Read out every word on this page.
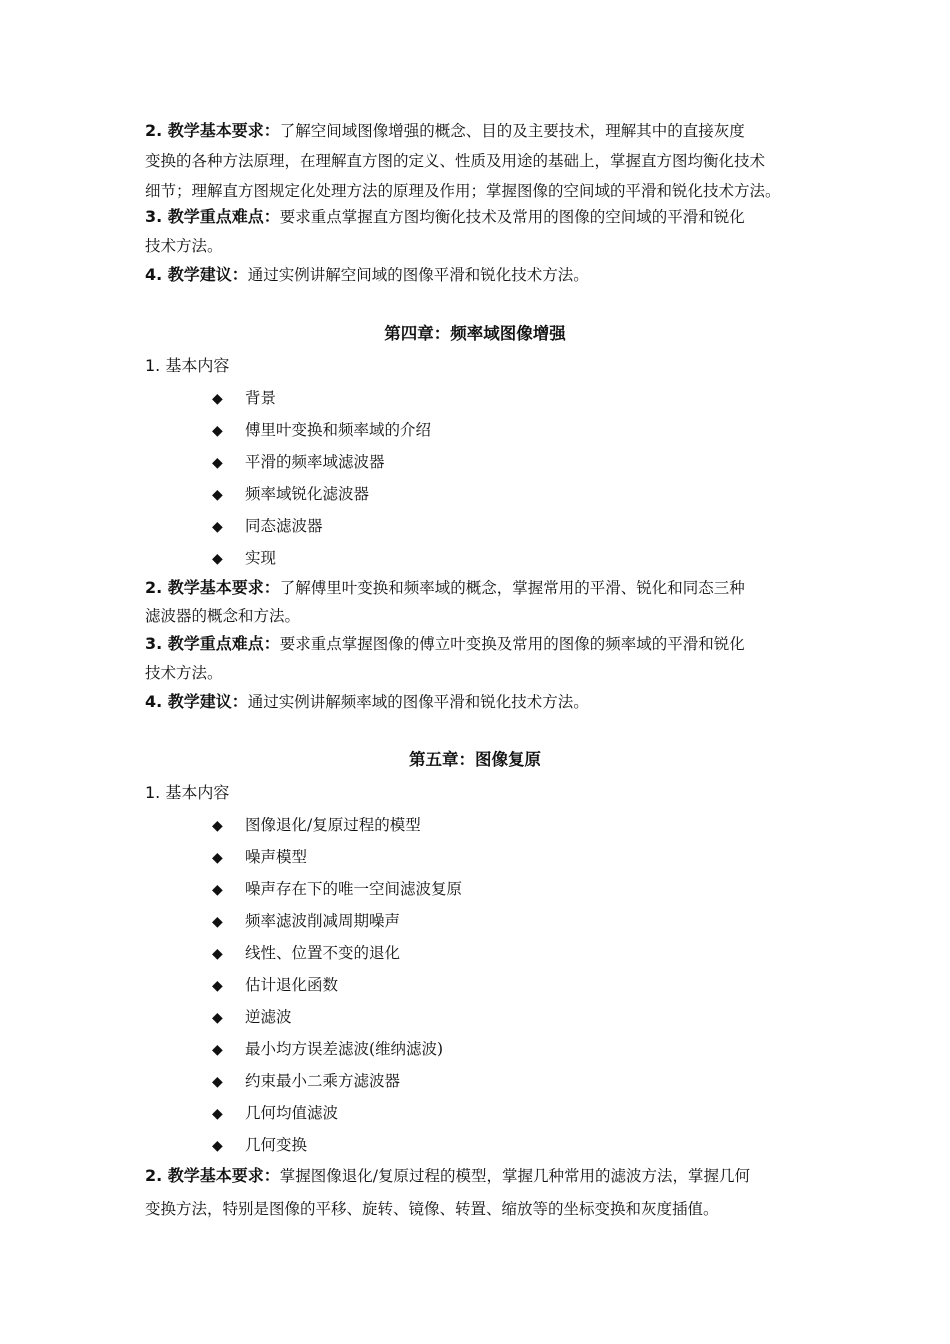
2. 教学基本要求：了解空间域图像增强的概念、目的及主要技术，理解其中的直接灰度
变换的各种方法原理，在理解直方图的定义、性质及用途的基础上，掌握直方图均衡化技术
细节；理解直方图规定化处理方法的原理及作用；掌握图像的空间域的平滑和锐化技术方法。
3. 教学重点难点：要求重点掌握直方图均衡化技术及常用的图像的空间域的平滑和锐化
技术方法。
4. 教学建议：通过实例讲解空间域的图像平滑和锐化技术方法。
第四章：频率域图像增强
1. 基本内容
◆ 背景
◆ 傅里叶变换和频率域的介绍
◆ 平滑的频率域滤波器
◆ 频率域锐化滤波器
◆ 同态滤波器
◆ 实现
2. 教学基本要求：了解傅里叶变换和频率域的概念，掌握常用的平滑、锐化和同态三种
滤波器的概念和方法。
3. 教学重点难点：要求重点掌握图像的傅立叶变换及常用的图像的频率域的平滑和锐化
技术方法。
4. 教学建议：通过实例讲解频率域的图像平滑和锐化技术方法。
第五章：图像复原
1. 基本内容
◆ 图像退化/复原过程的模型
◆ 噪声模型
◆ 噪声存在下的唯一空间滤波复原
◆ 频率滤波削减周期噪声
◆ 线性、位置不变的退化
◆ 估计退化函数
◆ 逆滤波
◆ 最小均方误差滤波(维纳滤波)
◆ 约束最小二乘方滤波器
◆ 几何均值滤波
◆ 几何变换
2. 教学基本要求：掌握图像退化/复原过程的模型，掌握几种常用的滤波方法，掌握几何
变换方法，特别是图像的平移、旋转、镜像、转置、缩放等的坐标变换和灰度插值。
